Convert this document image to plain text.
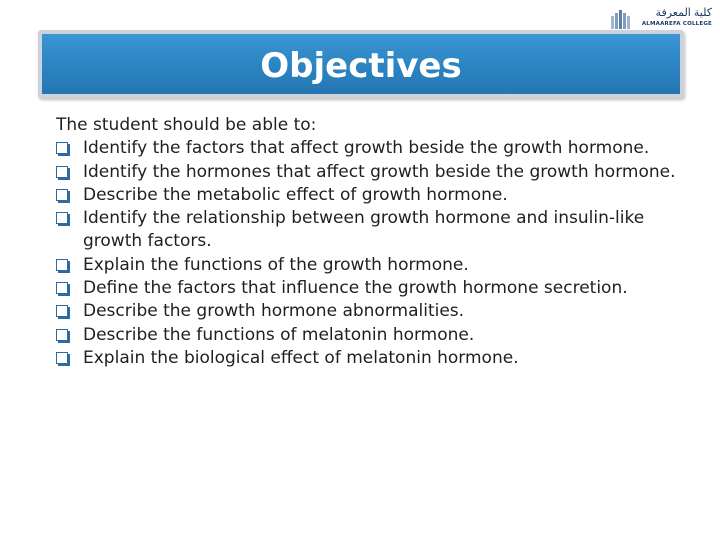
كلية المعرفة
ALMAAREFA COLLEGE
Objectives

The student should be able to:

Identify the factors that affect growth beside the growth hormone.
Identify the hormones that affect growth beside the growth hormone.
Describe the metabolic effect of growth hormone.
Identify the relationship between growth hormone and insulin-like growth factors.
Explain the functions of the growth hormone.
Define the factors that influence the growth hormone secretion.
Describe the growth hormone abnormalities.
Describe the functions of melatonin hormone.
Explain the biological effect of melatonin hormone.
